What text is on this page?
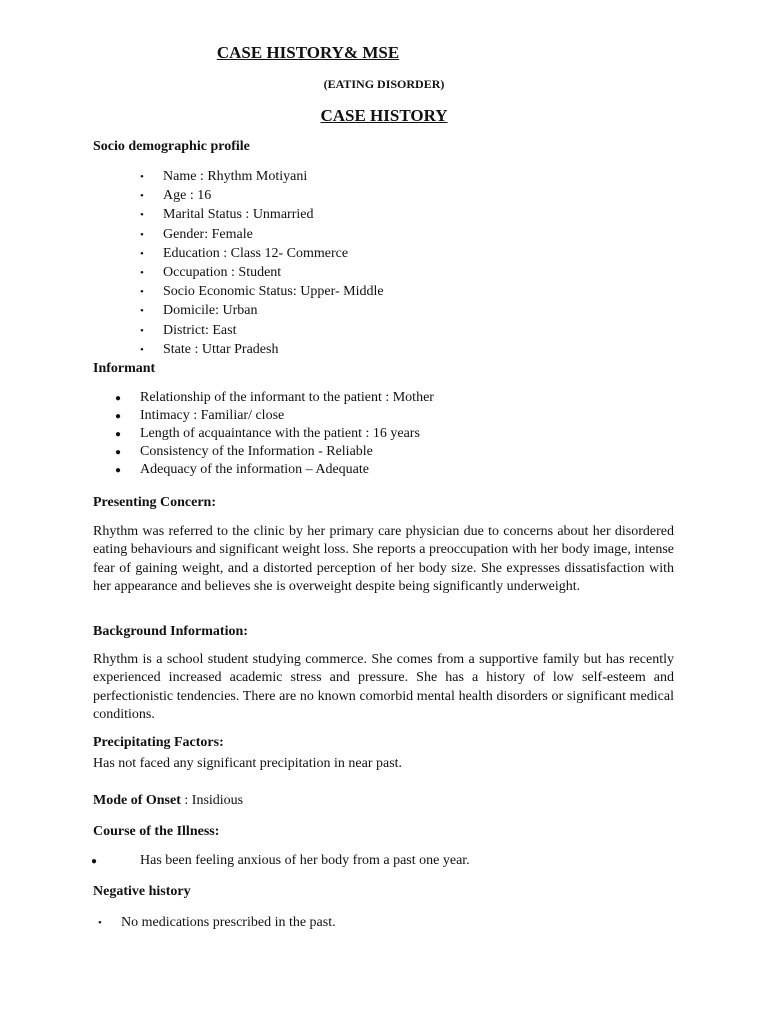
CASE HISTORY& MSE
(EATING DISORDER)
CASE HISTORY
Socio demographic profile
• Name : Rhythm Motiyani
• Age : 16
• Marital Status : Unmarried
• Gender: Female
• Education : Class 12- Commerce
• Occupation : Student
• Socio Economic Status: Upper- Middle
• Domicile: Urban
• District: East
• State : Uttar Pradesh
Informant
● Relationship of the informant to the patient : Mother
● Intimacy : Familiar/ close
● Length of acquaintance with the patient : 16 years
● Consistency of the Information - Reliable
● Adequacy of the information – Adequate
Presenting Concern:

Rhythm was referred to the clinic by her primary care physician due to concerns about her disordered eating behaviours and significant weight loss. She reports a preoccupation with her body image, intense fear of gaining weight, and a distorted perception of her body size. She expresses dissatisfaction with her appearance and believes she is overweight despite being significantly underweight.

Background Information:

Rhythm is a school student studying commerce. She comes from a supportive family but has recently experienced increased academic stress and pressure. She has a history of low self-esteem and perfectionistic tendencies. There are no known comorbid mental health disorders or significant medical conditions.

Precipitating Factors:
Has not faced any significant precipitation in near past.
Mode of Onset : Insidious
Course of the Illness:
●	Has been feeling anxious of her body from a past one year.
Negative history
• No medications prescribed in the past.
